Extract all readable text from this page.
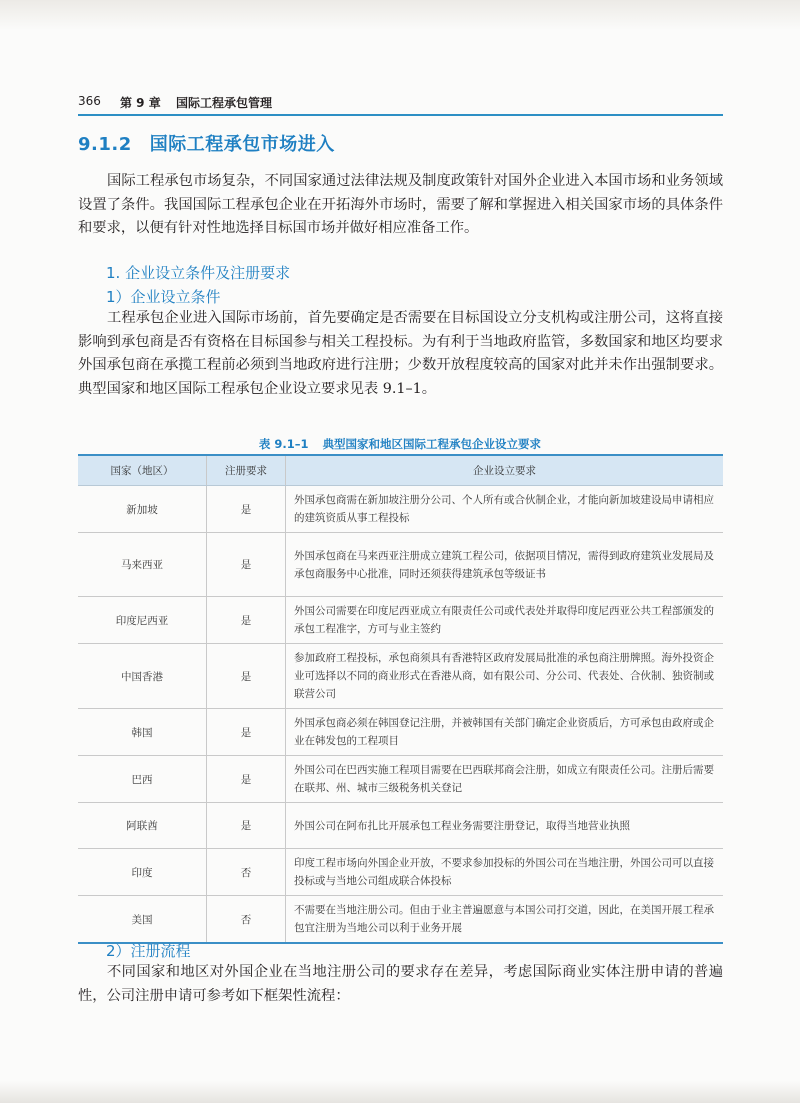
366 第 9 章 国际工程承包管理
9.1.2 国际工程承包市场进入

国际工程承包市场复杂，不同国家通过法律法规及制度政策针对国外企业进入本国市场和业务领域设置了条件。我国国际工程承包企业在开拓海外市场时，需要了解和掌握进入相关国家市场的具体条件和要求，以便有针对性地选择目标国市场并做好相应准备工作。

1. 企业设立条件及注册要求
1）企业设立条件

工程承包企业进入国际市场前，首先要确定是否需要在目标国设立分支机构或注册公司，这将直接影响到承包商是否有资格在目标国参与相关工程投标。为有利于当地政府监管，多数国家和地区均要求外国承包商在承揽工程前必须到当地政府进行注册；少数开放程度较高的国家对此并未作出强制要求。典型国家和地区国际工程承包企业设立要求见表 9.1–1。

表 9.1–1 典型国家和地区国际工程承包企业设立要求
国家（地区）	注册要求	企业设立要求
新加坡	是	外国承包商需在新加坡注册分公司、个人所有或合伙制企业，才能向新加坡建设局申请相应的建筑资质从事工程投标
马来西亚	是	外国承包商在马来西亚注册成立建筑工程公司，依据项目情况，需得到政府建筑业发展局及承包商服务中心批准，同时还须获得建筑承包等级证书
印度尼西亚	是	外国公司需要在印度尼西亚成立有限责任公司或代表处并取得印度尼西亚公共工程部颁发的承包工程准字，方可与业主签约
中国香港	是	参加政府工程投标，承包商须具有香港特区政府发展局批准的承包商注册牌照。海外投资企业可选择以不同的商业形式在香港从商，如有限公司、分公司、代表处、合伙制、独资制或联营公司
韩国	是	外国承包商必须在韩国登记注册，并被韩国有关部门确定企业资质后，方可承包由政府或企业在韩发包的工程项目
巴西	是	外国公司在巴西实施工程项目需要在巴西联邦商会注册，如成立有限责任公司。注册后需要在联邦、州、城市三级税务机关登记
阿联酋	是	外国公司在阿布扎比开展承包工程业务需要注册登记，取得当地营业执照
印度	否	印度工程市场向外国企业开放，不要求参加投标的外国公司在当地注册，外国公司可以直接投标或与当地公司组成联合体投标
美国	否	不需要在当地注册公司。但由于业主普遍愿意与本国公司打交道，因此，在美国开展工程承包宜注册为当地公司以利于业务开展
2）注册流程

不同国家和地区对外国企业在当地注册公司的要求存在差异，考虑国际商业实体注册申请的普遍性，公司注册申请可参考如下框架性流程：
